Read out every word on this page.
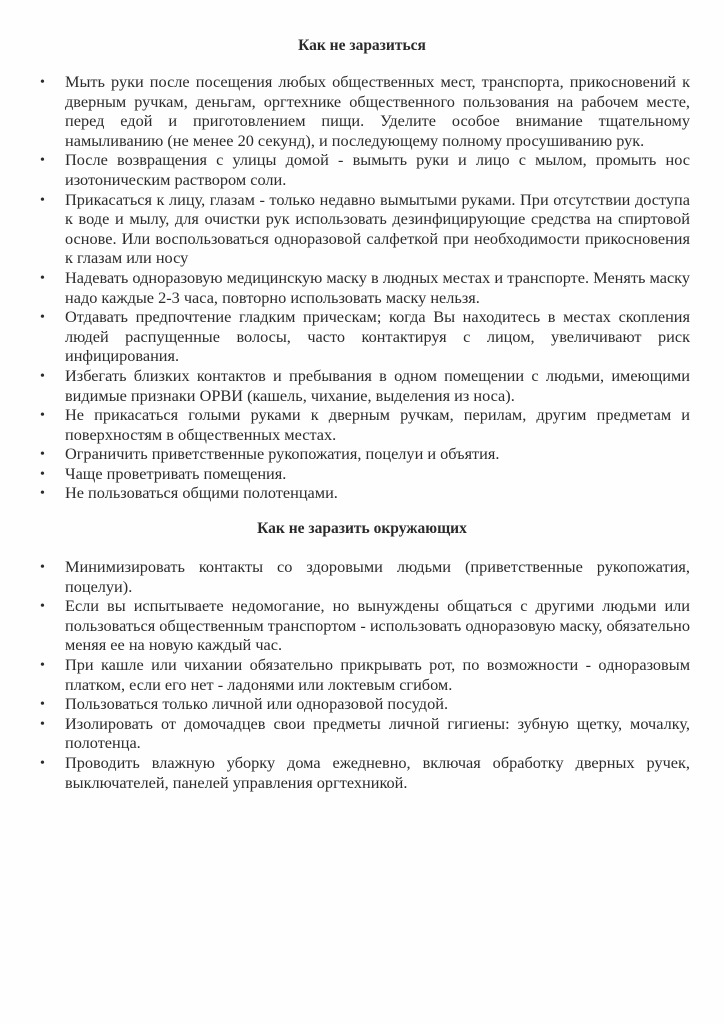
Как не заразиться
• Мыть руки после посещения любых общественных мест, транспорта, прикосновений к дверным ручкам, деньгам, оргтехнике общественного пользования на рабочем месте, перед едой и приготовлением пищи. Уделите особое внимание тщательному намыливанию (не менее 20 секунд), и последующему полному просушиванию рук.
• После возвращения с улицы домой - вымыть руки и лицо с мылом, промыть нос изотоническим раствором соли.
• Прикасаться к лицу, глазам - только недавно вымытыми руками. При отсутствии доступа к воде и мылу, для очистки рук использовать дезинфицирующие средства на спиртовой основе. Или воспользоваться одноразовой салфеткой при необходимости прикосновения к глазам или носу
• Надевать одноразовую медицинскую маску в людных местах и транспорте. Менять маску надо каждые 2-3 часа, повторно использовать маску нельзя.
• Отдавать предпочтение гладким прическам; когда Вы находитесь в местах скопления людей распущенные волосы, часто контактируя с лицом, увеличивают риск инфицирования.
• Избегать близких контактов и пребывания в одном помещении с людьми, имеющими видимые признаки ОРВИ (кашель, чихание, выделения из носа).
• Не прикасаться голыми руками к дверным ручкам, перилам, другим предметам и поверхностям в общественных местах.
• Ограничить приветственные рукопожатия, поцелуи и объятия.
• Чаще проветривать помещения.
• Не пользоваться общими полотенцами.
Как не заразить окружающих
• Минимизировать контакты со здоровыми людьми (приветственные рукопожатия, поцелуи).
• Если вы испытываете недомогание, но вынуждены общаться с другими людьми или пользоваться общественным транспортом - использовать одноразовую маску, обязательно меняя ее на новую каждый час.
• При кашле или чихании обязательно прикрывать рот, по возможности - одноразовым платком, если его нет - ладонями или локтевым сгибом.
• Пользоваться только личной или одноразовой посудой.
• Изолировать от домочадцев свои предметы личной гигиены: зубную щетку, мочалку, полотенца.
• Проводить влажную уборку дома ежедневно, включая обработку дверных ручек, выключателей, панелей управления оргтехникой.
